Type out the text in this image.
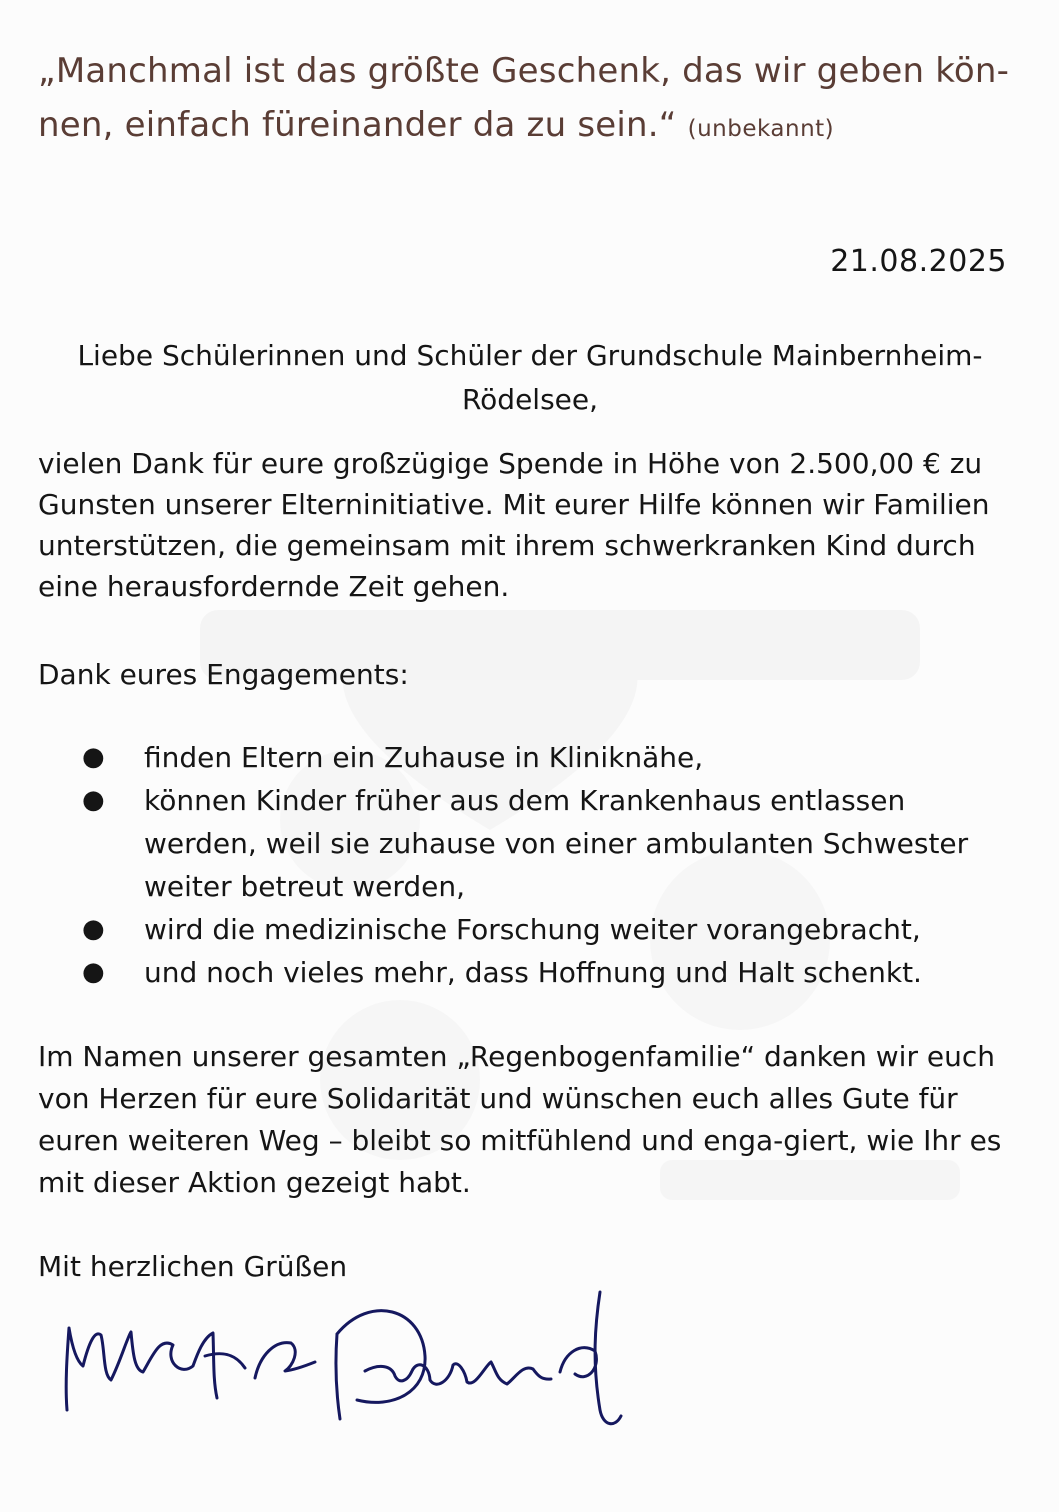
„Manchmal ist das größte Geschenk, das wir geben kön-
nen, einfach füreinander da zu sein.“ (unbekannt)
21.08.2025
Liebe Schülerinnen und Schüler der Grundschule Mainbernheim-
Rödelsee,
vielen Dank für eure großzügige Spende in Höhe von 2.500,00 € zu Gunsten unserer Elterninitiative. Mit eurer Hilfe können wir Familien unterstützen, die gemeinsam mit ihrem schwerkranken Kind durch eine herausfordernde Zeit gehen.
Dank eures Engagements:
● finden Eltern ein Zuhause in Kliniknähe,
● können Kinder früher aus dem Krankenhaus entlassen werden, weil sie zuhause von einer ambulanten Schwester weiter betreut werden,
● wird die medizinische Forschung weiter vorangebracht,
● und noch vieles mehr, dass Hoffnung und Halt schenkt.
Im Namen unserer gesamten „Regenbogenfamilie“ danken wir euch von Herzen für eure Solidarität und wünschen euch alles Gute für euren weiteren Weg – bleibt so mitfühlend und enga-giert, wie Ihr es mit dieser Aktion gezeigt habt.
Mit herzlichen Grüßen
